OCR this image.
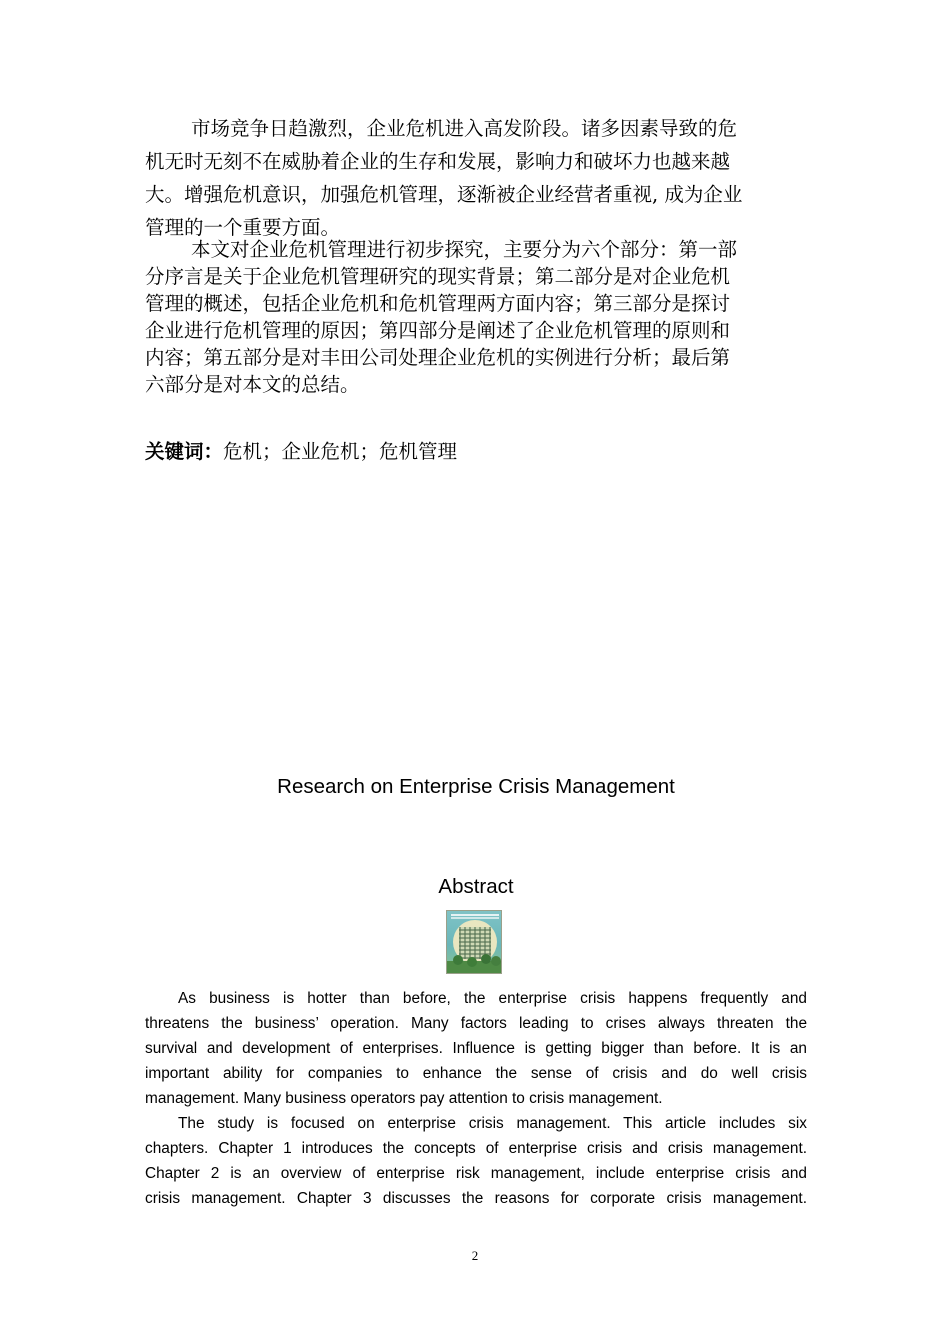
市场竞争日趋激烈，企业危机进入高发阶段。诸多因素导致的危
机无时无刻不在威胁着企业的生存和发展，影响力和破坏力也越来越
大。增强危机意识，加强危机管理，逐渐被企业经营者重视, 成为企业
管理的一个重要方面。
本文对企业危机管理进行初步探究，主要分为六个部分：第一部
分序言是关于企业危机管理研究的现实背景；第二部分是对企业危机
管理的概述，包括企业危机和危机管理两方面内容；第三部分是探讨
企业进行危机管理的原因；第四部分是阐述了企业危机管理的原则和
内容；第五部分是对丰田公司处理企业危机的实例进行分析；最后第
六部分是对本文的总结。
关键词：危机；企业危机；危机管理
Research on Enterprise Crisis Management
Abstract
As business is hotter than before, the enterprise crisis happens frequently and
threatens the business’ operation. Many factors leading to crises always threaten the
survival and development of enterprises. Influence is getting bigger than before. It is an
important ability for companies to enhance the sense of crisis and do well crisis
management. Many business operators pay attention to crisis management.
The study is focused on enterprise crisis management. This article includes six
chapters. Chapter 1 introduces the concepts of enterprise crisis and crisis management.
Chapter 2 is an overview of enterprise risk management, include enterprise crisis and
crisis management. Chapter 3 discusses the reasons for corporate crisis management.
2
